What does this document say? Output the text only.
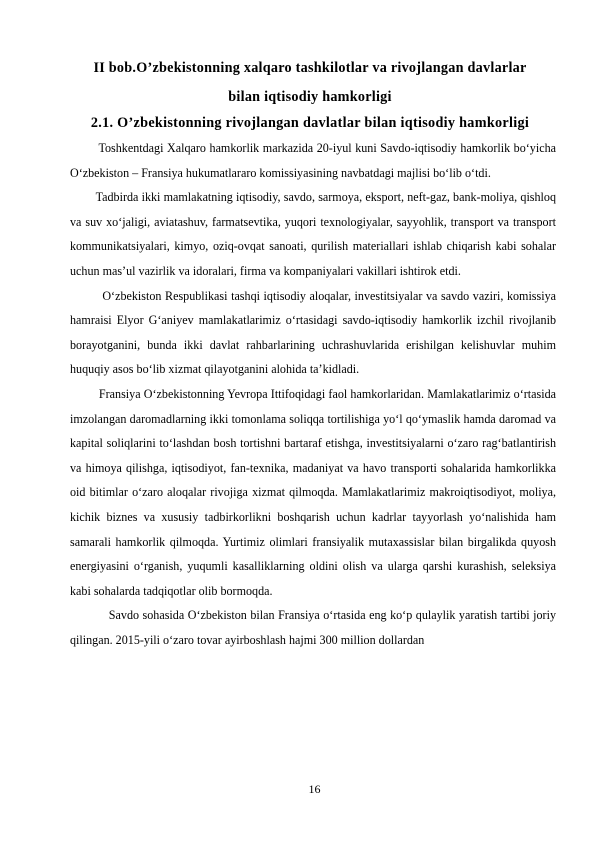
II bob.O’zbekistonning xalqaro tashkilotlar va rivojlangan davlarlar
bilan iqtisodiy hamkorligi
2.1. O’zbekistonning rivojlangan davlatlar bilan iqtisodiy hamkorligi

Toshkentdagi Xalqaro hamkorlik markazida 20-iyul kuni Savdo-iqtisodiy hamkorlik bo‘yicha O‘zbekiston – Fransiya hukumatlararo komissiyasining navbatdagi majlisi bo‘lib o‘tdi.

Tadbirda ikki mamlakatning iqtisodiy, savdo, sarmoya, eksport, neft-gaz, bank-moliya, qishloq va suv xo‘jaligi, aviatashuv, farmatsevtika, yuqori texnologiyalar, sayyohlik, transport va transport kommunikatsiyalari, kimyo, oziq-ovqat sanoati, qurilish materiallari ishlab chiqarish kabi sohalar uchun mas’ul vazirlik va idoralari, firma va kompaniyalari vakillari ishtirok etdi.

O‘zbekiston Respublikasi tashqi iqtisodiy aloqalar, investitsiyalar va savdo vaziri, komissiya hamraisi Elyor G‘aniyev mamlakatlarimiz o‘rtasidagi savdo-iqtisodiy hamkorlik izchil rivojlanib borayotganini, bunda ikki davlat rahbarlarining uchrashuvlarida erishilgan kelishuvlar muhim huquqiy asos bo‘lib xizmat qilayotganini alohida ta’kidladi.

Fransiya O‘zbekistonning Yevropa Ittifoqidagi faol hamkorlaridan. Mamlakatlarimiz o‘rtasida imzolangan daromadlarning ikki tomonlama soliqqa tortilishiga yo‘l qo‘ymaslik hamda daromad va kapital soliqlarini to‘lashdan bosh tortishni bartaraf etishga, investitsiyalarni o‘zaro rag‘batlantirish va himoya qilishga, iqtisodiyot, fan-texnika, madaniyat va havo transporti sohalarida hamkorlikka oid bitimlar o‘zaro aloqalar rivojiga xizmat qilmoqda. Mamlakatlarimiz makroiqtisodiyot, moliya, kichik biznes va xususiy tadbirkorlikni boshqarish uchun kadrlar tayyorlash yo‘nalishida ham samarali hamkorlik qilmoqda. Yurtimiz olimlari fransiyalik mutaxassislar bilan birgalikda quyosh energiyasini o‘rganish, yuqumli kasalliklarning oldini olish va ularga qarshi kurashish, seleksiya kabi sohalarda tadqiqotlar olib bormoqda.

Savdo sohasida O‘zbekiston bilan Fransiya o‘rtasida eng ko‘p qulaylik yaratish tartibi joriy qilingan. 2015-yili o‘zaro tovar ayirboshlash hajmi 300 million dollardan

16
